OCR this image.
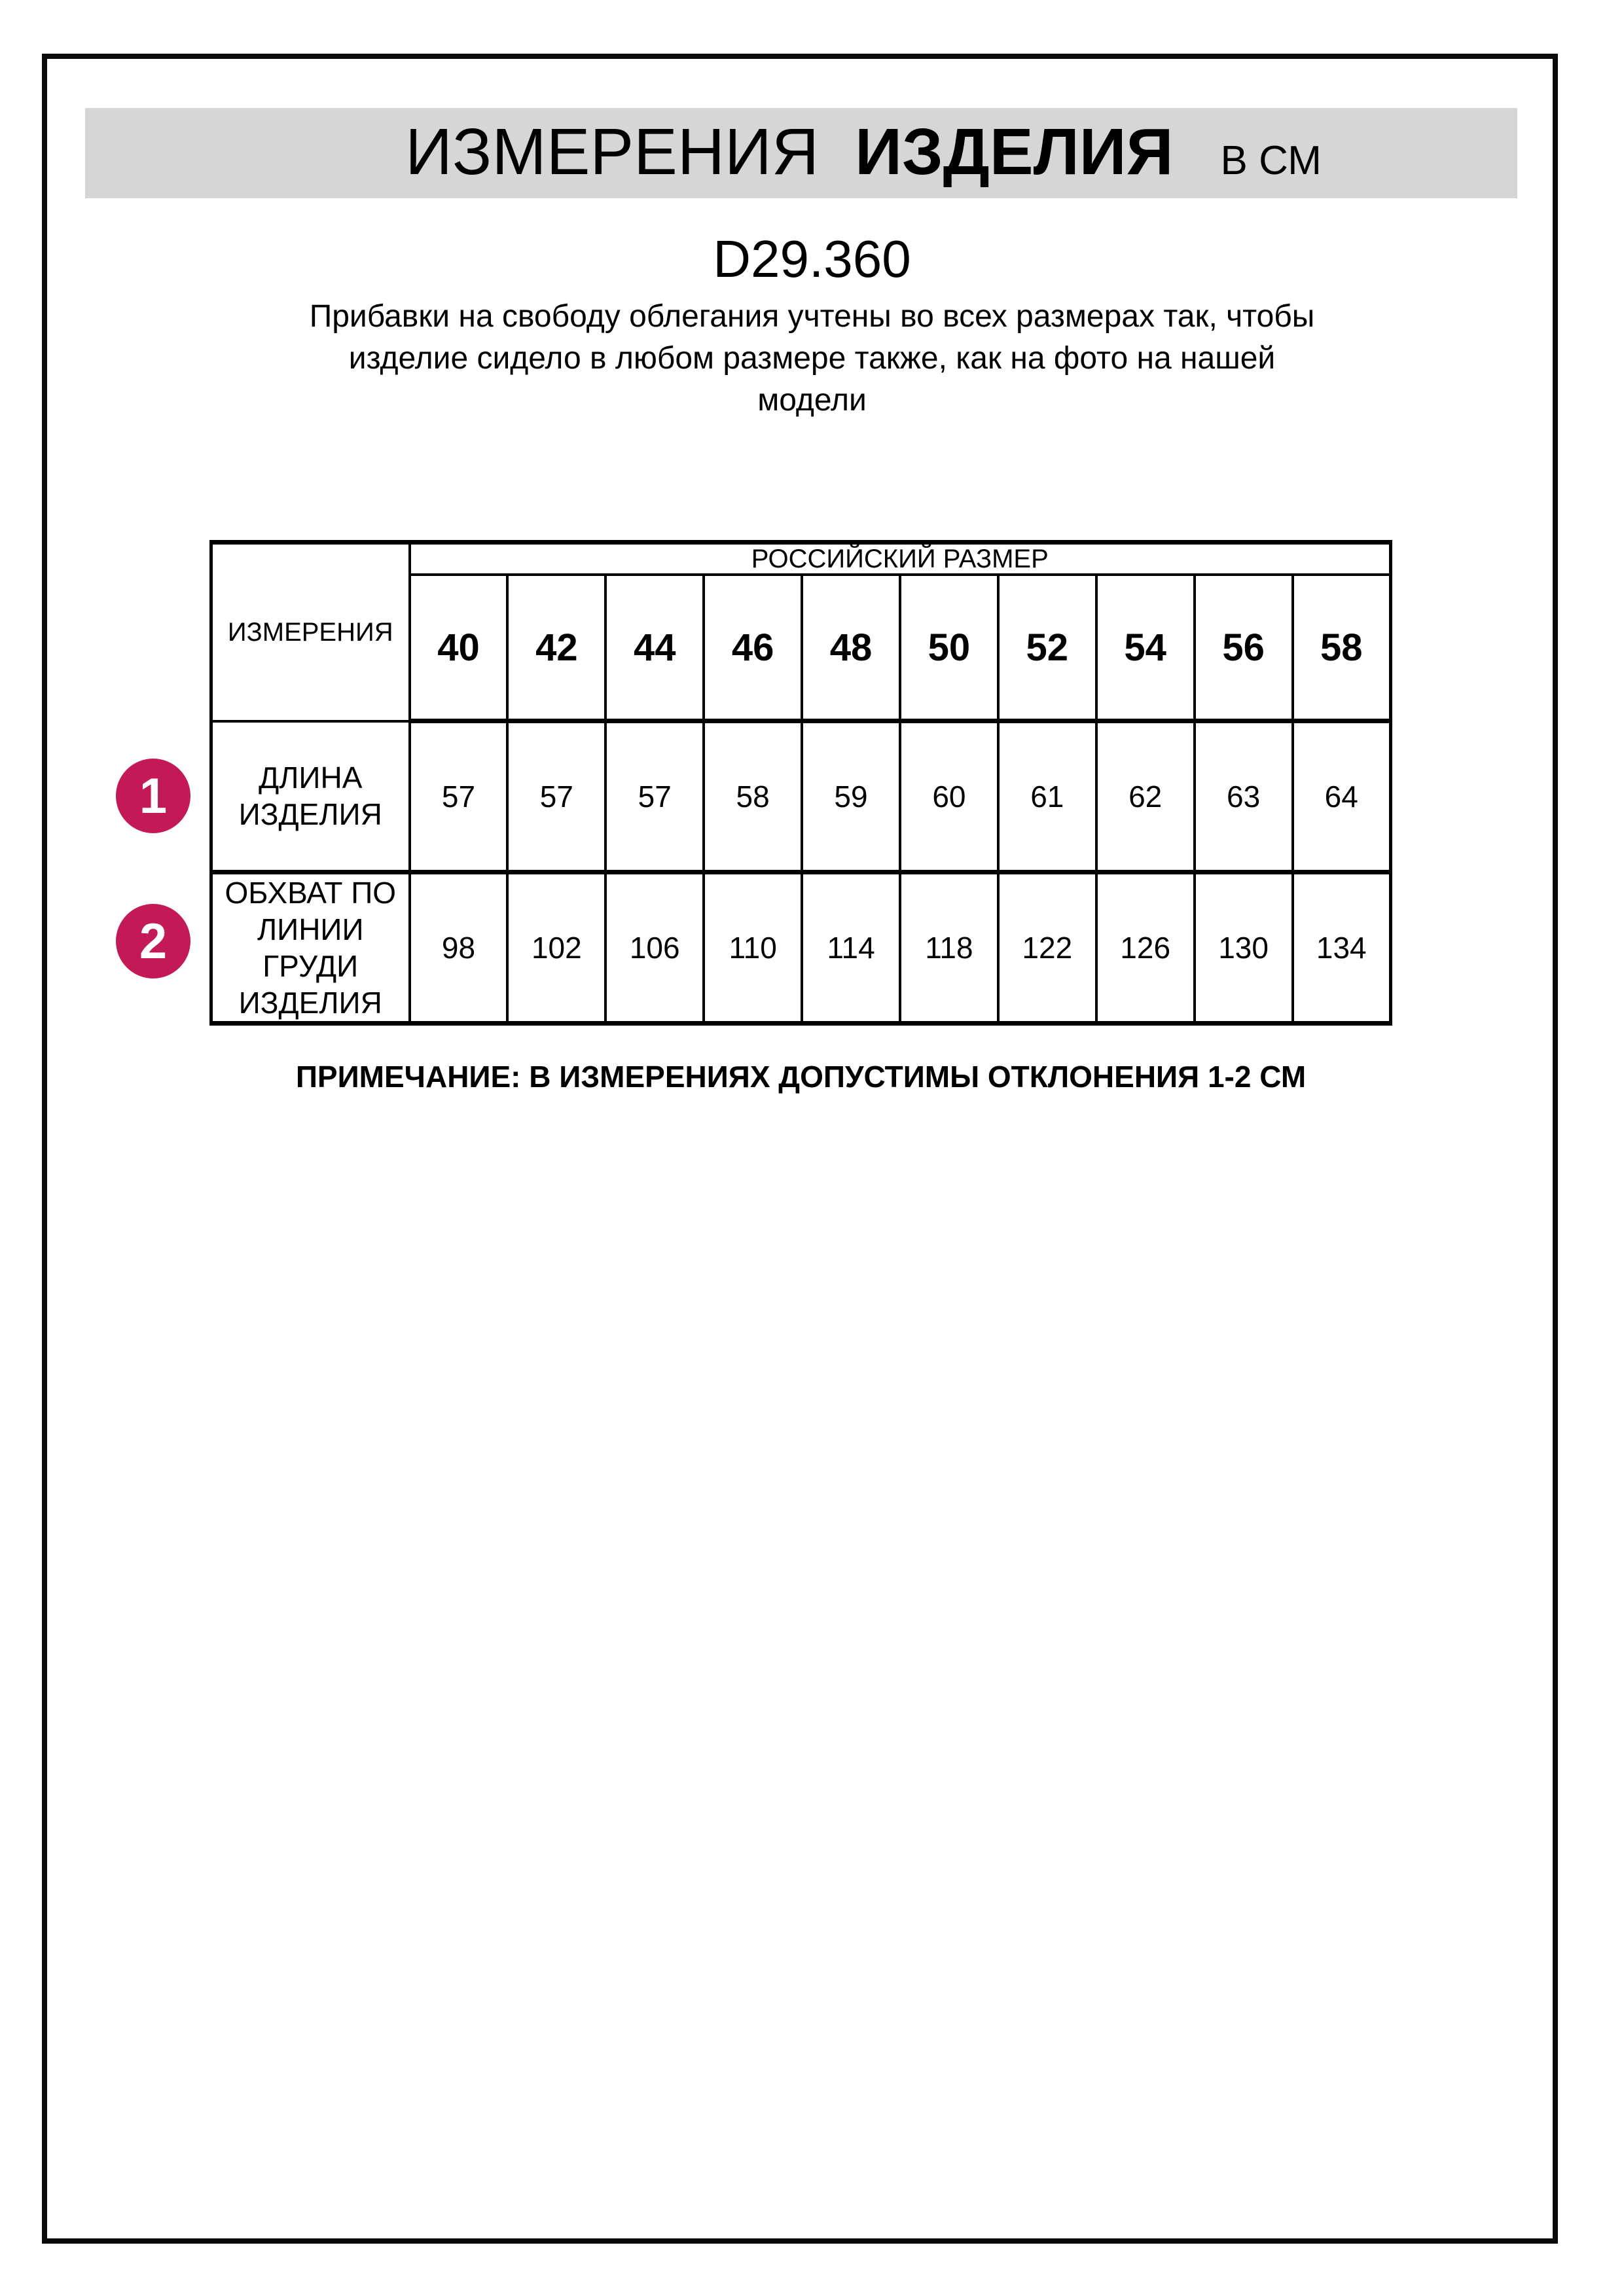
ИЗМЕРЕНИЯ ИЗДЕЛИЯ В СМ
D29.360
Прибавки на свободу облегания учтены во всех размерах так, чтобы
изделие сидело в любом размере также, как на фото на нашей
модели
1
2
ИЗМЕРЕНИЯ	РОССИЙСКИЙ РАЗМЕР									
	40	42	44	46	48	50	52	54	56	58
ДЛИНА ИЗДЕЛИЯ	57	57	57	58	59	60	61	62	63	64
ОБХВАТ ПО ЛИНИИ ГРУДИ ИЗДЕЛИЯ	98	102	106	110	114	118	122	126	130	134
ПРИМЕЧАНИЕ: В ИЗМЕРЕНИЯХ ДОПУСТИМЫ ОТКЛОНЕНИЯ 1-2 СМ
